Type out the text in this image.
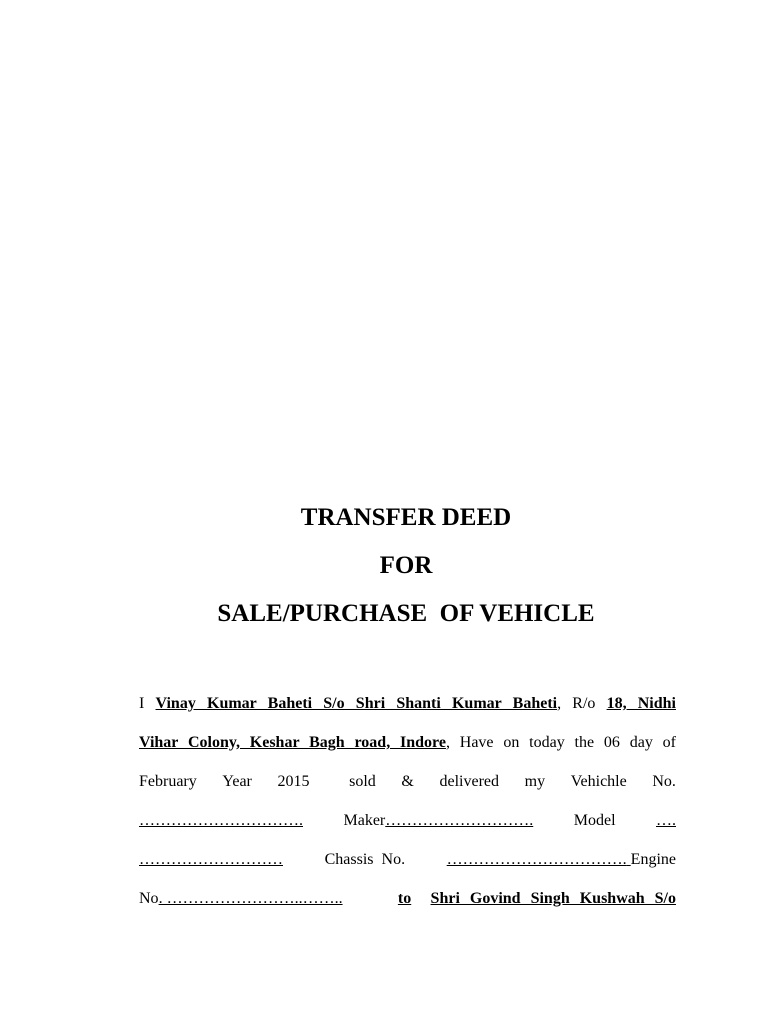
TRANSFER DEED
FOR
SALE/PURCHASE  OF VEHICLE
I Vinay Kumar Baheti S/o Shri Shanti Kumar Baheti, R/o 18, Nidhi
Vihar Colony, Keshar Bagh road, Indore, Have on today the 06 day of
February Year 2015 sold & delivered my Vehichle No.
………………………….	Maker……………………….	Model	….
………………………	Chassis  No.	……………………………. Engine
No. ……………………..……..	to Shri Govind Singh Kushwah S/o
